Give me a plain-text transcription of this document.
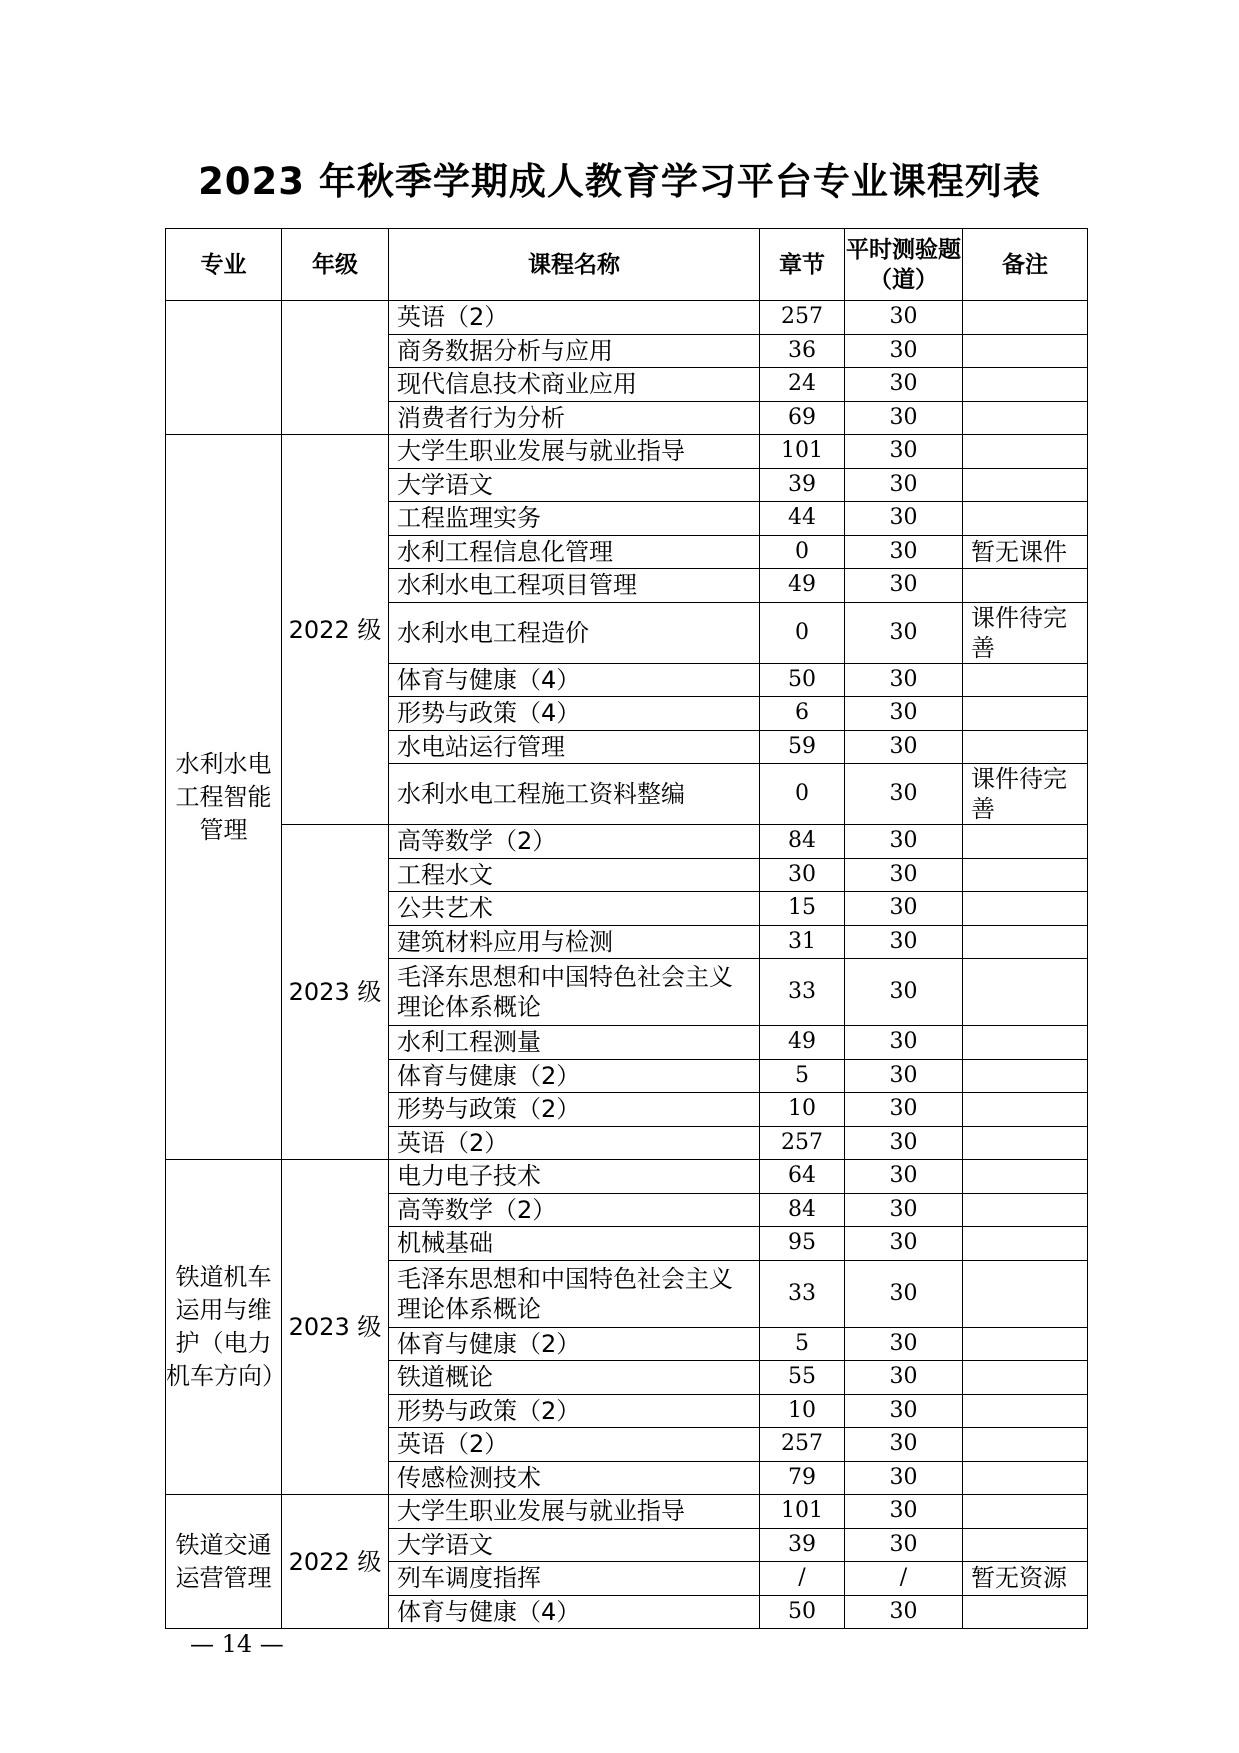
2023 年秋季学期成人教育学习平台专业课程列表
专业	年级	课程名称	章节	平时测验题（道）	备注
		英语（2）	257	30	
		商务数据分析与应用	36	30	
		现代信息技术商业应用	24	30	
		消费者行为分析	69	30	
水利水电工程智能管理	2022 级	大学生职业发展与就业指导	101	30	
		大学语文	39	30	
		工程监理实务	44	30	
		水利工程信息化管理	0	30	暂无课件
		水利水电工程项目管理	49	30	
		水利水电工程造价	0	30	课件待完善
		体育与健康（4）	50	30	
		形势与政策（4）	6	30	
		水电站运行管理	59	30	
		水利水电工程施工资料整编	0	30	课件待完善
	2023 级	高等数学（2）	84	30	
		工程水文	30	30	
		公共艺术	15	30	
		建筑材料应用与检测	31	30	
		毛泽东思想和中国特色社会主义理论体系概论	33	30	
		水利工程测量	49	30	
		体育与健康（2）	5	30	
		形势与政策（2）	10	30	
		英语（2）	257	30	
铁道机车运用与维护（电力机车方向）	2023 级	电力电子技术	64	30	
		高等数学（2）	84	30	
		机械基础	95	30	
		毛泽东思想和中国特色社会主义理论体系概论	33	30	
		体育与健康（2）	5	30	
		铁道概论	55	30	
		形势与政策（2）	10	30	
		英语（2）	257	30	
		传感检测技术	79	30	
铁道交通运营管理	2022 级	大学生职业发展与就业指导	101	30	
		大学语文	39	30	
		列车调度指挥	/	/	暂无资源
		体育与健康（4）	50	30	
— 14 —
